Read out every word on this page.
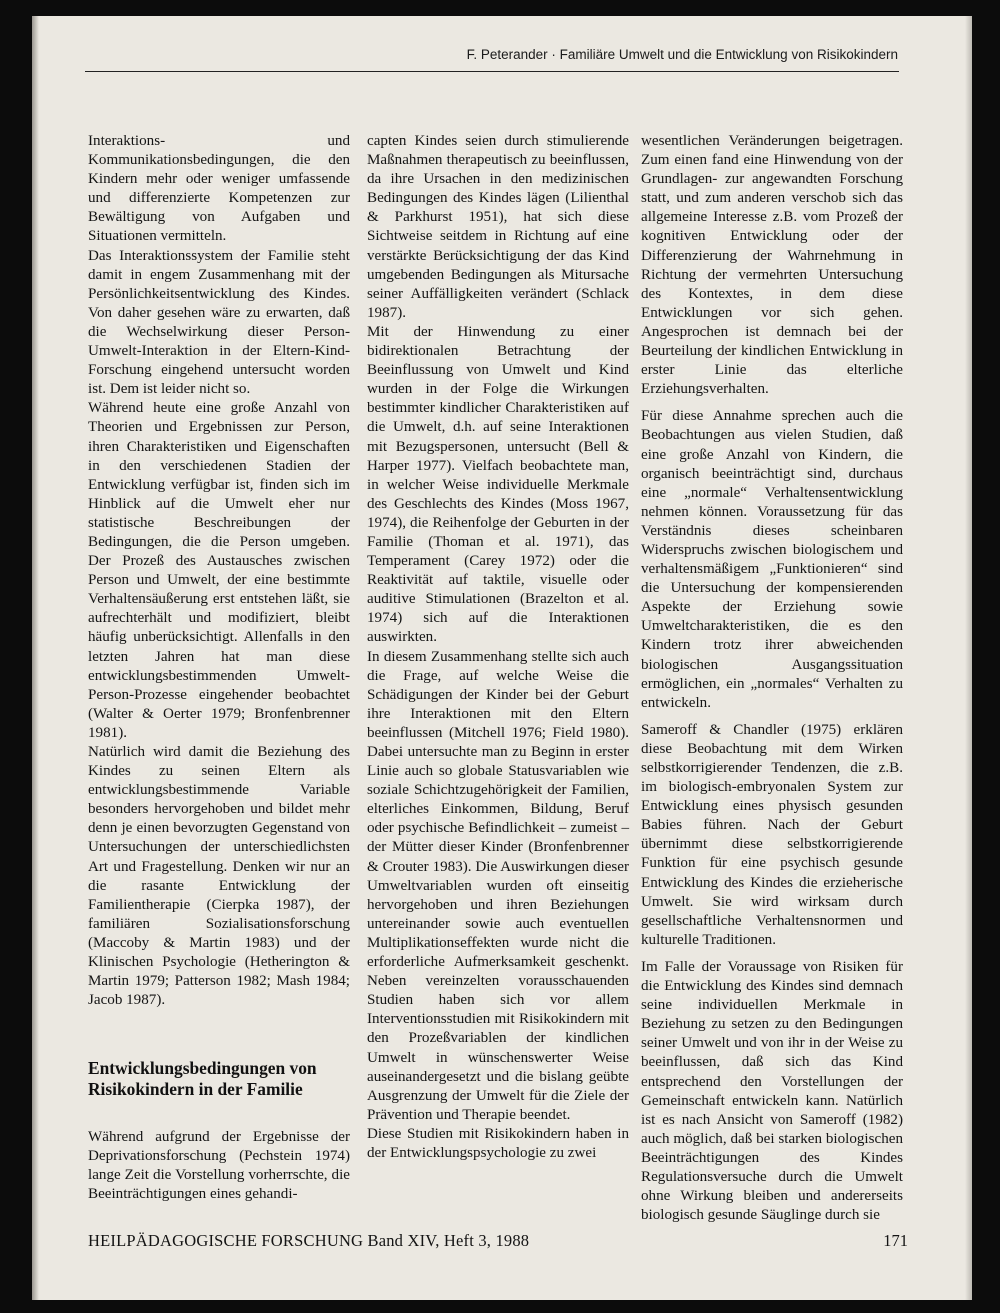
F. Peterander · Familiäre Umwelt und die Entwicklung von Risikokindern

Interaktions- und Kommunikationsbedingungen, die den Kindern mehr oder weniger umfassende und differenzierte Kompetenzen zur Bewältigung von Aufgaben und Situationen vermitteln.

Das Interaktionssystem der Familie steht damit in engem Zusammenhang mit der Persönlichkeitsentwicklung des Kindes. Von daher gesehen wäre zu erwarten, daß die Wechselwirkung dieser Person-Umwelt-Interaktion in der Eltern-Kind-Forschung eingehend untersucht worden ist. Dem ist leider nicht so.

Während heute eine große Anzahl von Theorien und Ergebnissen zur Person, ihren Charakteristiken und Eigenschaften in den verschiedenen Stadien der Entwicklung verfügbar ist, finden sich im Hinblick auf die Umwelt eher nur statistische Beschreibungen der Bedingungen, die die Person umgeben. Der Prozeß des Austausches zwischen Person und Umwelt, der eine bestimmte Verhaltensäußerung erst entstehen läßt, sie aufrechterhält und modifiziert, bleibt häufig unberücksichtigt. Allenfalls in den letzten Jahren hat man diese entwicklungsbestimmenden Umwelt-Person-Prozesse eingehender beobachtet (Walter & Oerter 1979; Bronfenbrenner 1981).

Natürlich wird damit die Beziehung des Kindes zu seinen Eltern als entwicklungsbestimmende Variable besonders hervorgehoben und bildet mehr denn je einen bevorzugten Gegenstand von Untersuchungen der unterschiedlichsten Art und Fragestellung. Denken wir nur an die rasante Entwicklung der Familientherapie (Cierpka 1987), der familiären Sozialisationsforschung (Maccoby & Martin 1983) und der Klinischen Psychologie (Hetherington & Martin 1979; Patterson 1982; Mash 1984; Jacob 1987).

Entwicklungsbedingungen von Risikokindern in der Familie

Während aufgrund der Ergebnisse der Deprivationsforschung (Pechstein 1974) lange Zeit die Vorstellung vorherrschte, die Beeinträchtigungen eines gehandi-

capten Kindes seien durch stimulierende Maßnahmen therapeutisch zu beeinflussen, da ihre Ursachen in den medizinischen Bedingungen des Kindes lägen (Lilienthal & Parkhurst 1951), hat sich diese Sichtweise seitdem in Richtung auf eine verstärkte Berücksichtigung der das Kind umgebenden Bedingungen als Mitursache seiner Auffälligkeiten verändert (Schlack 1987).

Mit der Hinwendung zu einer bidirektionalen Betrachtung der Beeinflussung von Umwelt und Kind wurden in der Folge die Wirkungen bestimmter kindlicher Charakteristiken auf die Umwelt, d.h. auf seine Interaktionen mit Bezugspersonen, untersucht (Bell & Harper 1977). Vielfach beobachtete man, in welcher Weise individuelle Merkmale des Geschlechts des Kindes (Moss 1967, 1974), die Reihenfolge der Geburten in der Familie (Thoman et al. 1971), das Temperament (Carey 1972) oder die Reaktivität auf taktile, visuelle oder auditive Stimulationen (Brazelton et al. 1974) sich auf die Interaktionen auswirkten.

In diesem Zusammenhang stellte sich auch die Frage, auf welche Weise die Schädigungen der Kinder bei der Geburt ihre Interaktionen mit den Eltern beeinflussen (Mitchell 1976; Field 1980). Dabei untersuchte man zu Beginn in erster Linie auch so globale Statusvariablen wie soziale Schichtzugehörigkeit der Familien, elterliches Einkommen, Bildung, Beruf oder psychische Befindlichkeit – zumeist – der Mütter dieser Kinder (Bronfenbrenner & Crouter 1983). Die Auswirkungen dieser Umweltvariablen wurden oft einseitig hervorgehoben und ihren Beziehungen untereinander sowie auch eventuellen Multiplikationseffekten wurde nicht die erforderliche Aufmerksamkeit geschenkt. Neben vereinzelten vorausschauenden Studien haben sich vor allem Interventionsstudien mit Risikokindern mit den Prozeßvariablen der kindlichen Umwelt in wünschenswerter Weise auseinandergesetzt und die bislang geübte Ausgrenzung der Umwelt für die Ziele der Prävention und Therapie beendet.

Diese Studien mit Risikokindern haben in der Entwicklungspsychologie zu zwei

wesentlichen Veränderungen beigetragen. Zum einen fand eine Hinwendung von der Grundlagen- zur angewandten Forschung statt, und zum anderen verschob sich das allgemeine Interesse z.B. vom Prozeß der kognitiven Entwicklung oder der Differenzierung der Wahrnehmung in Richtung der vermehrten Untersuchung des Kontextes, in dem diese Entwicklungen vor sich gehen. Angesprochen ist demnach bei der Beurteilung der kindlichen Entwicklung in erster Linie das elterliche Erziehungsverhalten.

Für diese Annahme sprechen auch die Beobachtungen aus vielen Studien, daß eine große Anzahl von Kindern, die organisch beeinträchtigt sind, durchaus eine „normale“ Verhaltensentwicklung nehmen können. Voraussetzung für das Verständnis dieses scheinbaren Widerspruchs zwischen biologischem und verhaltensmäßigem „Funktionieren“ sind die Untersuchung der kompensierenden Aspekte der Erziehung sowie Umweltcharakteristiken, die es den Kindern trotz ihrer abweichenden biologischen Ausgangssituation ermöglichen, ein „normales“ Verhalten zu entwickeln.

Sameroff & Chandler (1975) erklären diese Beobachtung mit dem Wirken selbstkorrigierender Tendenzen, die z.B. im biologisch-embryonalen System zur Entwicklung eines physisch gesunden Babies führen. Nach der Geburt übernimmt diese selbstkorrigierende Funktion für eine psychisch gesunde Entwicklung des Kindes die erzieherische Umwelt. Sie wird wirksam durch gesellschaftliche Verhaltensnormen und kulturelle Traditionen.

Im Falle der Voraussage von Risiken für die Entwicklung des Kindes sind demnach seine individuellen Merkmale in Beziehung zu setzen zu den Bedingungen seiner Umwelt und von ihr in der Weise zu beeinflussen, daß sich das Kind entsprechend den Vorstellungen der Gemeinschaft entwickeln kann. Natürlich ist es nach Ansicht von Sameroff (1982) auch möglich, daß bei starken biologischen Beeinträchtigungen des Kindes Regulationsversuche durch die Umwelt ohne Wirkung bleiben und andererseits biologisch gesunde Säuglinge durch sie

HEILPÄDAGOGISCHE FORSCHUNG Band XIV, Heft 3, 1988	171
